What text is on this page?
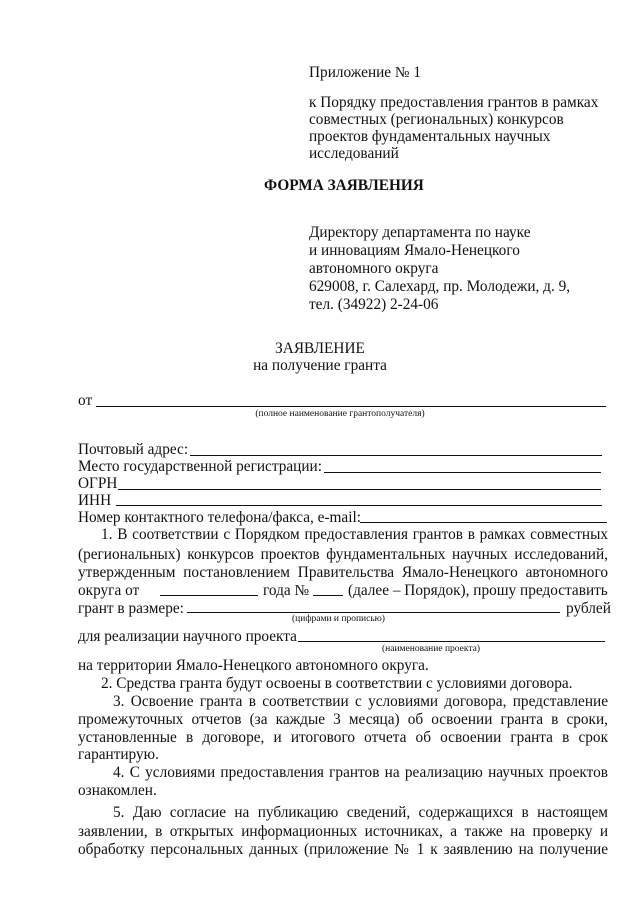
Приложение № 1
к Порядку предоставления грантов в рамках
совместных (региональных) конкурсов
проектов фундаментальных научных
исследований
ФОРМА ЗАЯВЛЕНИЯ
Директору департамента по науке
и инновациям Ямало-Ненецкого
автономного округа
629008, г. Салехард, пр. Молодежи, д. 9,
тел. (34922) 2-24-06
ЗАЯВЛЕНИЕ
на получение гранта
от
(полное наименование грантополучателя)
Почтовый адрес:
Место государственной регистрации:
ОГРН
ИНН
Номер контактного телефона/факса, e-mail:
1. В соответствии с Порядком предоставления грантов в рамках совместных
(региональных) конкурсов проектов фундаментальных научных исследований,
утвержденным постановлением Правительства Ямало-Ненецкого автономного
округа от	года №	(далее – Порядок), прошу предоставить
грант в размере:	рублей
(цифрами и прописью)
для реализации научного проекта
(наименование проекта)
на территории Ямало-Ненецкого автономного округа.
2. Средства гранта будут освоены в соответствии с условиями договора.
3. Освоение гранта в соответствии с условиями договора, представление
промежуточных отчетов (за каждые 3 месяца) об освоении гранта в сроки,
установленные в договоре, и итогового отчета об освоении гранта в срок
гарантирую.
4. С условиями предоставления грантов на реализацию научных проектов
ознакомлен.
5. Даю согласие на публикацию сведений, содержащихся в настоящем
заявлении, в открытых информационных источниках, а также на проверку и
обработку персональных данных (приложение № 1 к заявлению на получение
